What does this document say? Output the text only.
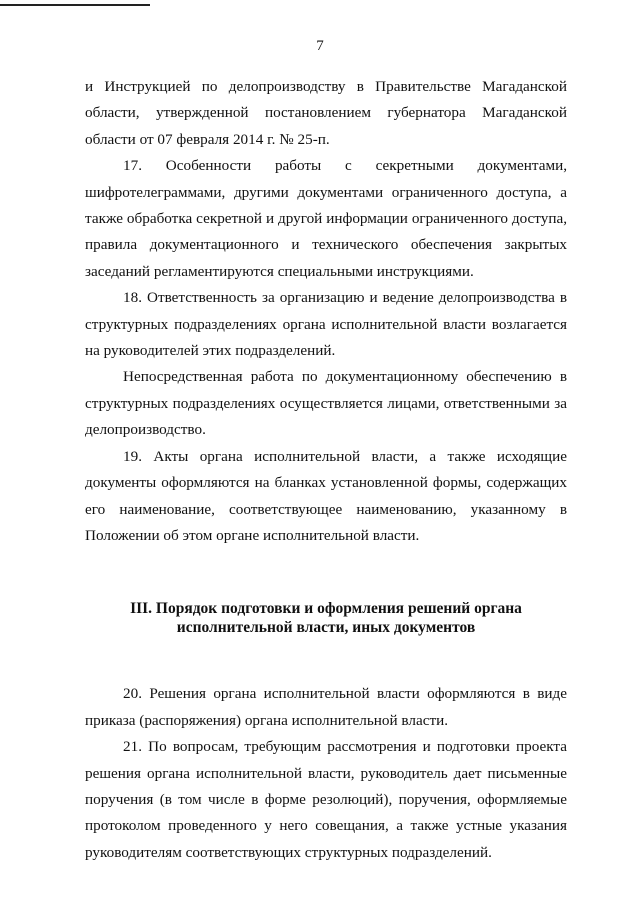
7

и Инструкцией по делопроизводству в Правительстве Магаданской области, утвержденной постановлением губернатора Магаданской области от 07 февраля 2014 г. № 25-п.

17. Особенности работы с секретными документами, шифротелеграммами, другими документами ограниченного доступа, а также обработка секретной и другой информации ограниченного доступа, правила документационного и технического обеспечения закрытых заседаний регламентируются специальными инструкциями.

18. Ответственность за организацию и ведение делопроизводства в структурных подразделениях органа исполнительной власти возлагается на руководителей этих подразделений.

Непосредственная работа по документационному обеспечению в структурных подразделениях осуществляется лицами, ответственными за делопроизводство.

19. Акты органа исполнительной власти, а также исходящие документы оформляются на бланках установленной формы, содержащих его наименование, соответствующее наименованию, указанному в Положении об этом органе исполнительной власти.

III. Порядок подготовки и оформления решений органа
исполнительной власти, иных документов

20. Решения органа исполнительной власти оформляются в виде приказа (распоряжения) органа исполнительной власти.

21. По вопросам, требующим рассмотрения и подготовки проекта решения органа исполнительной власти, руководитель дает письменные поручения (в том числе в форме резолюций), поручения, оформляемые протоколом проведенного у него совещания, а также устные указания руководителям соответствующих структурных подразделений.
